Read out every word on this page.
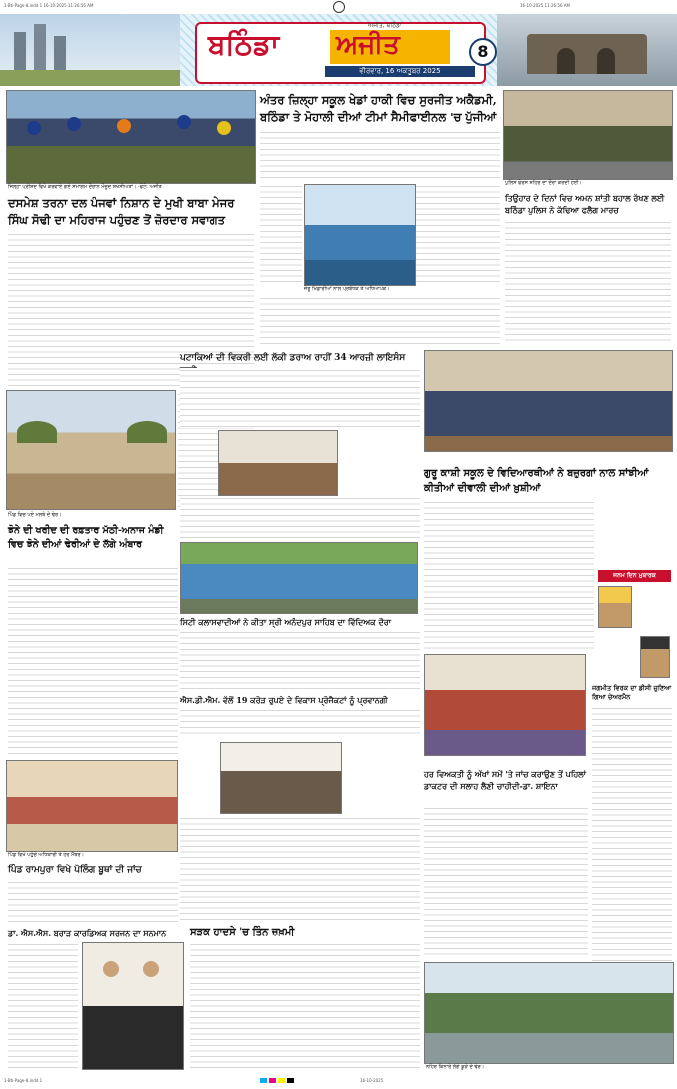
1-Bti-Page-8.indd 1 16-10-2025 11:26:56 AM	16-10-2025 11:26:56 AM
ਅਜੀਤ, ਬਠਿੰਡਾ
ਬਠਿੰਡਾ ਅਜੀਤ
ਵੀਰਵਾਰ, 16 ਅਕਤੂਬਰ 2025
8
ਜਿਲ੍ਹਾ ਪ੍ਰੀਸ਼ਦ ਵਿਖੇ ਕਰਵਾਏ ਗਏ ਸਮਾਗਮ ਦੌਰਾਨ ਮੌਜੂਦ ਸ਼ਖਸੀਅਤਾਂ। -ਫੋਟੋ: ਅਜੀਤ
ਦਸਮੇਸ਼ ਤਰਨਾ ਦਲ ਪੰਜਵਾਂ ਨਿਸ਼ਾਨ ਦੇ ਮੁਖੀ ਬਾਬਾ ਮੇਜਰ ਸਿੰਘ ਸੋਢੀ ਦਾ ਮਹਿਰਾਜ ਪਹੁੰਚਣ ਤੋਂ ਜ਼ੋਰਦਾਰ ਸਵਾਗਤ
ਪਿੰਡ ਵਿਚ ਪਏ ਮਲਬੇ ਦੇ ਢੇਰ।
ਝੋਨੇ ਦੀ ਖਰੀਦ ਦੀ ਰਫ਼ਤਾਰ ਮੱਠੀ-ਅਨਾਜ ਮੰਡੀ ਵਿਚ ਝੋਨੇ ਦੀਆਂ ਢੇਰੀਆਂ ਦੇ ਲੱਗੇ ਅੰਬਾਰ
ਪਿੰਡ ਵਿਖੇ ਪਹੁੰਚੇ ਅਧਿਕਾਰੀ ਤੇ ਹੋਰ ਮੈਂਬਰ।
ਪਿੰਡ ਰਾਮਪੁਰਾ ਵਿਖੇ ਪੋਲਿੰਗ ਬੂਥਾਂ ਦੀ ਜਾਂਚ
ਡਾ. ਐਸ.ਐਸ. ਬਰਾੜ ਕਾਰਡਿਅਕ ਸਰਜਨ ਦਾ ਸਨਮਾਨ
ਅੰਤਰ ਜ਼ਿਲ੍ਹਾ ਸਕੂਲ ਖੇਡਾਂ ਹਾਕੀ ਵਿਚ ਸੁਰਜੀਤ ਅਕੈਡਮੀ, ਬਠਿੰਡਾ ਤੇ ਮੋਹਾਲੀ ਦੀਆਂ ਟੀਮਾਂ ਸੈਮੀਫਾਈਨਲ 'ਚ ਪੁੱਜੀਆਂ
ਜੇਤੂ ਖਿਡਾਰੀਆਂ ਨਾਲ ਪ੍ਰਬੰਧਕ ਤੇ ਅਧਿਆਪਕ।
ਪਟਾਕਿਆਂ ਦੀ ਵਿਕਰੀ ਲਈ ਲੱਕੀ ਡਰਾਅ ਰਾਹੀਂ 34 ਆਰਜ਼ੀ ਲਾਇਸੰਸ
ਸਿਟੀ ਕਲਾਸਵਾਦੀਆਂ ਨੇ ਕੀਤਾ ਸ੍ਰੀ ਅਨੰਦਪੁਰ ਸਾਹਿਬ ਦਾ ਵਿੱਦਿਅਕ ਦੌਰਾ
ਐਸ.ਡੀ.ਐਮ. ਵੱਲੋਂ 19 ਕਰੋੜ ਰੁਪਏ ਦੇ ਵਿਕਾਸ ਪ੍ਰੋਜੈਕਟਾਂ ਨੂੰ ਪ੍ਰਵਾਨਗੀ
ਸੜਕ ਹਾਦਸੇ 'ਚ ਤਿੰਨ ਜ਼ਖ਼ਮੀ
ਪੁਲਿਸ ਫੋਰਸ ਸ਼ਹਿਰ ਦਾ ਦੌਰਾ ਕਰਦੀ ਹੋਈ।
ਤਿਉਹਾਰ ਦੇ ਦਿਨਾਂ ਵਿਚ ਅਮਨ ਸ਼ਾਂਤੀ ਬਹਾਲ ਰੱਖਣ ਲਈ ਬਠਿੰਡਾ ਪੁਲਿਸ ਨੇ ਕੱਢਿਆ ਫਲੈਗ ਮਾਰਚ
ਗੁਰੂ ਕਾਸ਼ੀ ਸਕੂਲ ਦੇ ਵਿਦਿਆਰਥੀਆਂ ਨੇ ਬਜ਼ੁਰਗਾਂ ਨਾਲ ਸਾਂਝੀਆਂ ਕੀਤੀਆਂ ਦੀਵਾਲੀ ਦੀਆਂ ਖ਼ੁਸ਼ੀਆਂ
ਜਨਮ ਦਿਨ ਮੁਬਾਰਕ
ਜਗਮੀਤ ਵਿਰਕ ਦਾ ਡੀਸੀ ਚੁਣਿਆ ਗਿਆ ਚੇਅਰਮੈਨ
ਹਰ ਵਿਅਕਤੀ ਨੂੰ ਅੱਖਾਂ ਸਮੇਂ 'ਤੇ ਜਾਂਚ ਕਰਾਉਣ ਤੋਂ ਪਹਿਲਾਂ ਡਾਕਟਰ ਦੀ ਸਲਾਹ ਲੈਣੀ ਚਾਹੀਦੀ-ਡਾ. ਸ਼ਾਇਨਾ
ਨਹਿਰ ਕਿਨਾਰੇ ਲੱਗੇ ਕੂੜੇ ਦੇ ਢੇਰ।
1-Bti-Page-8.indd 1	16-10-2025
